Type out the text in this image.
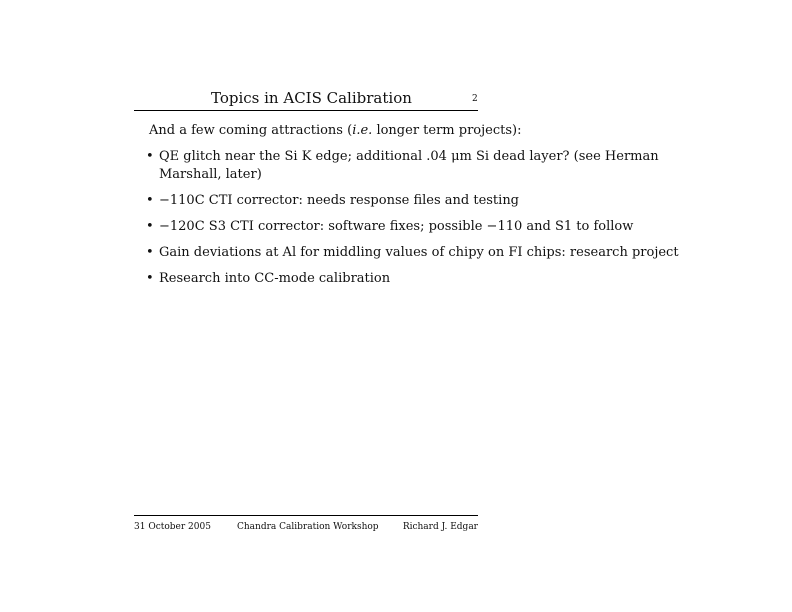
Topics in ACIS Calibration	2
And a few coming attractions (i.e. longer term projects):
• QE glitch near the Si K edge; additional .04 μm Si dead layer? (see Herman Marshall, later)
• −110C CTI corrector: needs response files and testing
• −120C S3 CTI corrector: software fixes; possible −110 and S1 to follow
• Gain deviations at Al for middling values of chipy on FI chips: research project
• Research into CC-mode calibration
31 October 2005	Chandra Calibration Workshop	Richard J. Edgar
